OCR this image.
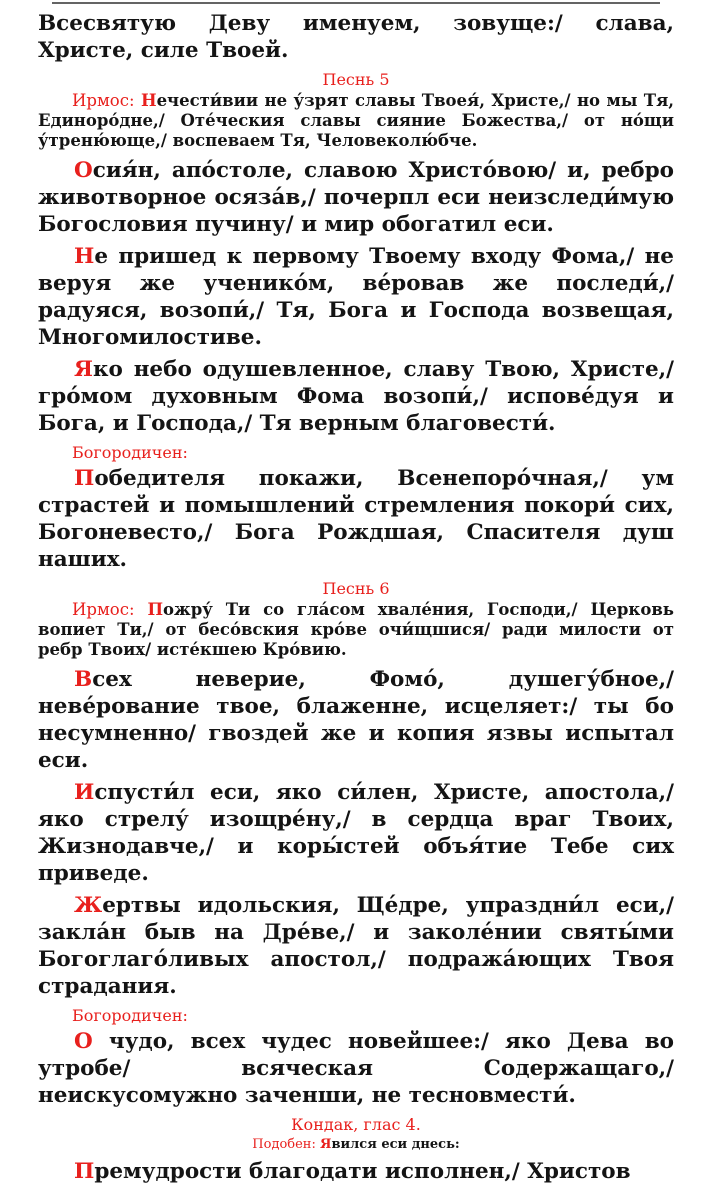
Всесвятую Деву именуем, зовуще:/ слава, Христе, силе Твоей.

Песнь 5

Ирмос: Нечести́вии не у́зрят славы Твоея́, Христе,/ но мы Тя, Единоро́дне,/ Оте́ческия славы сияние Божества,/ от но́щи у́треню́юще,/ воспеваем Тя, Человеколю́бче.

Осия́н, апо́столе, славою Христо́вою/ и, ребро животворное осяза́в,/ почерпл еси неизследи́мую Богословия пучину/ и мир обогатил еси.

Не пришед к первому Твоему входу Фома,/ не веруя же ученико́м, ве́ровав же последи́,/ радуяся, возопи́,/ Тя, Бога и Господа возвещая, Многомилостиве.

Яко небо одушевленное, славу Твою, Христе,/ гро́мом духовным Фома возопи́,/ испове́дуя и Бога, и Господа,/ Тя верным благовести́.

Богородичен:

Победителя покажи, Всенепоро́чная,/ ум страстей и помышлений стремления покори́ сих, Богоневесто,/ Бога Рождшая, Спасителя душ наших.

Песнь 6

Ирмос: Пожру́ Ти со гла́сом хвале́ния, Господи,/ Церковь вопиет Ти,/ от бесо́вския кро́ве очи́щшися/ ради милости от ребр Твоих/ исте́кшею Кро́вию.

Всех неверие, Фомо́, душегу́бное,/ неве́рование твое, блаженне, исцеляет:/ ты бо несумненно/ гвоздей же и копия язвы испытал еси.

Испусти́л еси, яко си́лен, Христе, апостола,/ яко стрелу́ изощре́ну,/ в сердца враг Твоих, Жизнодавче,/ и коры́стей объя́тие Тебе сих приведе.

Жертвы идольския, Ще́дре, упраздни́л еси,/ закла́н быв на Дре́ве,/ и заколе́нии святы́ми Богоглаго́ливых апостол,/ подража́ющих Твоя страдания.

Богородичен:

О чудо, всех чудес новейшее:/ яко Дева во утробе/ всяческая Содержащаго,/ неискусомужно заченши, не тесновмести́.

Кондак, глас 4.
Подобен: Явился еси днесь:

Премудрости благодати исполнен,/ Христов
